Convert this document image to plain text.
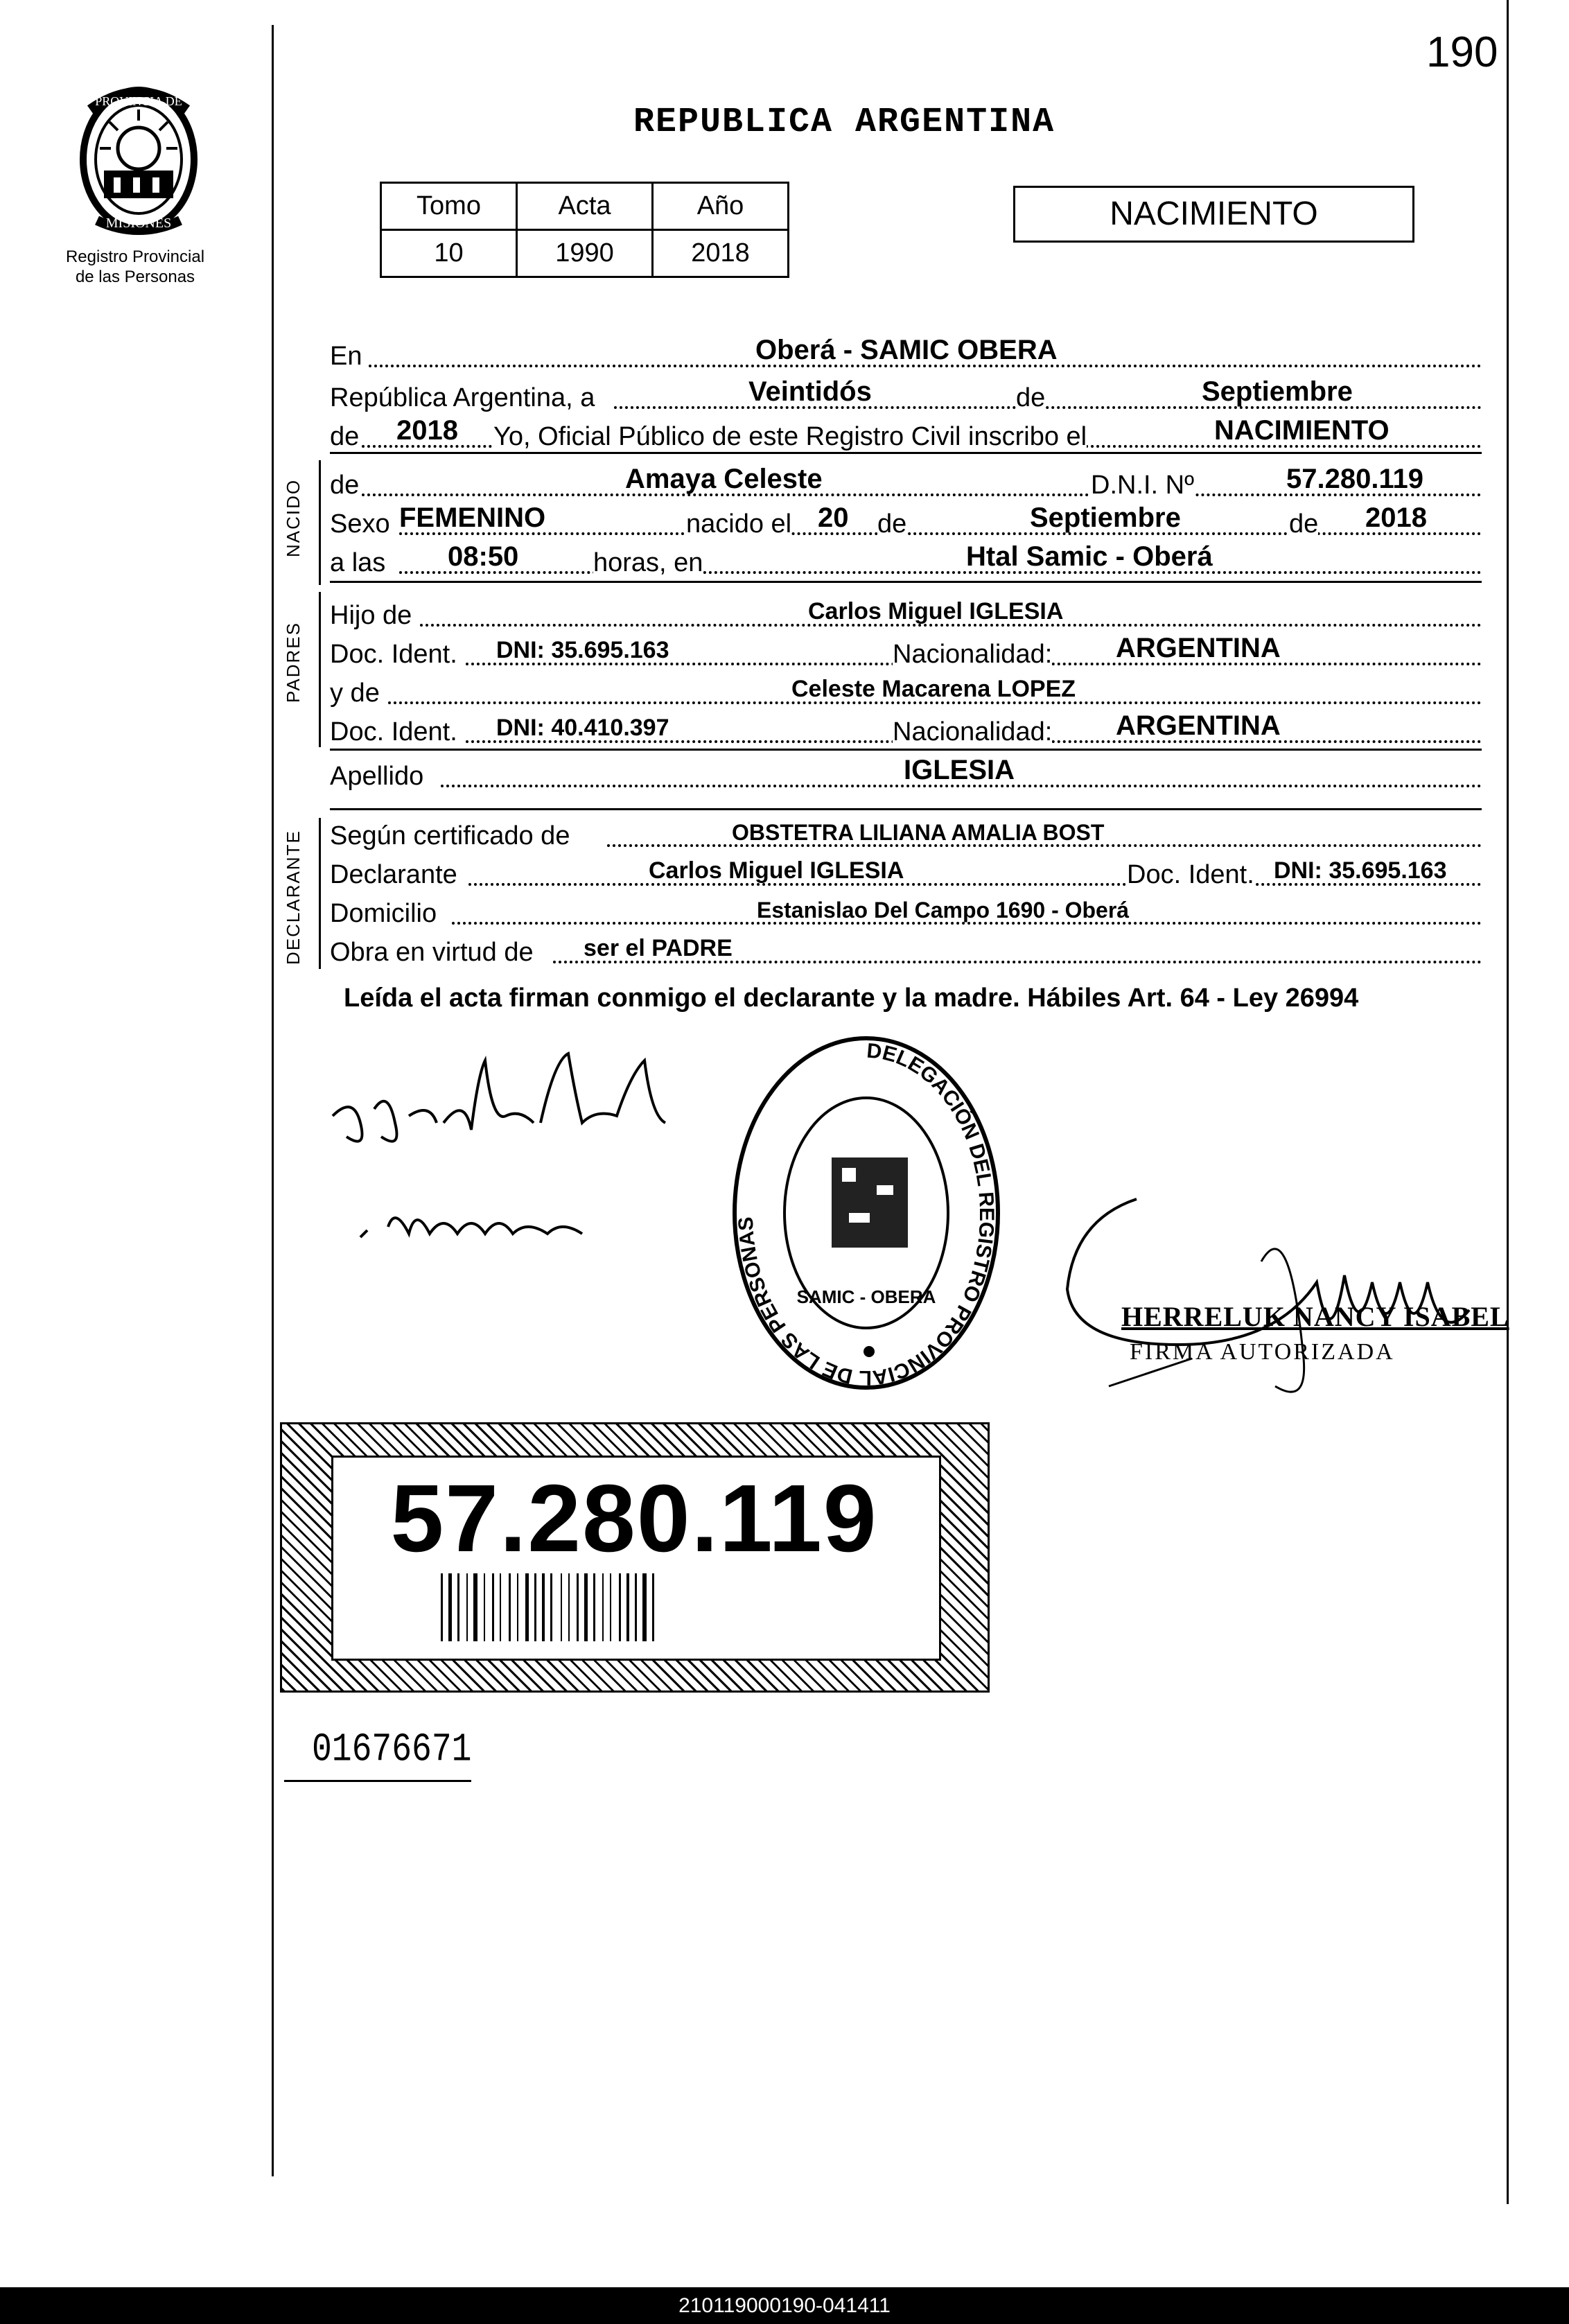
190
REPUBLICA ARGENTINA
PROVINCIA DE
MISIONES
Registro Provincial
de las Personas
Tomo	Acta	Año
10	1990	2018
NACIMIENTO
En	Oberá - SAMIC OBERA
República Argentina, a	Veintidós	de	Septiembre
de 2018 Yo, Oficial Público de este Registro Civil inscribo el	NACIMIENTO
NACIDO de	Amaya Celeste	D.N.I. Nº	57.280.119
Sexo FEMENINO	nacido el 20 de	Septiembre	de 2018
a las 08:50	horas, en	Htal Samic - Oberá
PADRES
Hijo de	Carlos Miguel IGLESIA
Doc. Ident. DNI: 35.695.163	Nacionalidad: ARGENTINA
y de	Celeste Macarena LOPEZ
Doc. Ident. DNI: 40.410.397	Nacionalidad: ARGENTINA
Apellido	IGLESIA
DECLARANTE Según certificado de	OBSTETRA LILIANA AMALIA BOST
Declarante	Carlos Miguel IGLESIA	Doc. Ident. DNI: 35.695.163
Domicilio	Estanislao Del Campo 1690 - Oberá
Obra en virtud de ser el PADRE
Leída el acta firman conmigo el declarante y la madre. Hábiles Art. 64 - Ley 26994
DELEGACIÓN DEL REGISTRO PROVINCIAL DE LAS PERSONAS
SAMIC - OBERA
HERRELUK NANCY ISABEL
FIRMA AUTORIZADA
57.280.119
01676671
210119000190-041411
